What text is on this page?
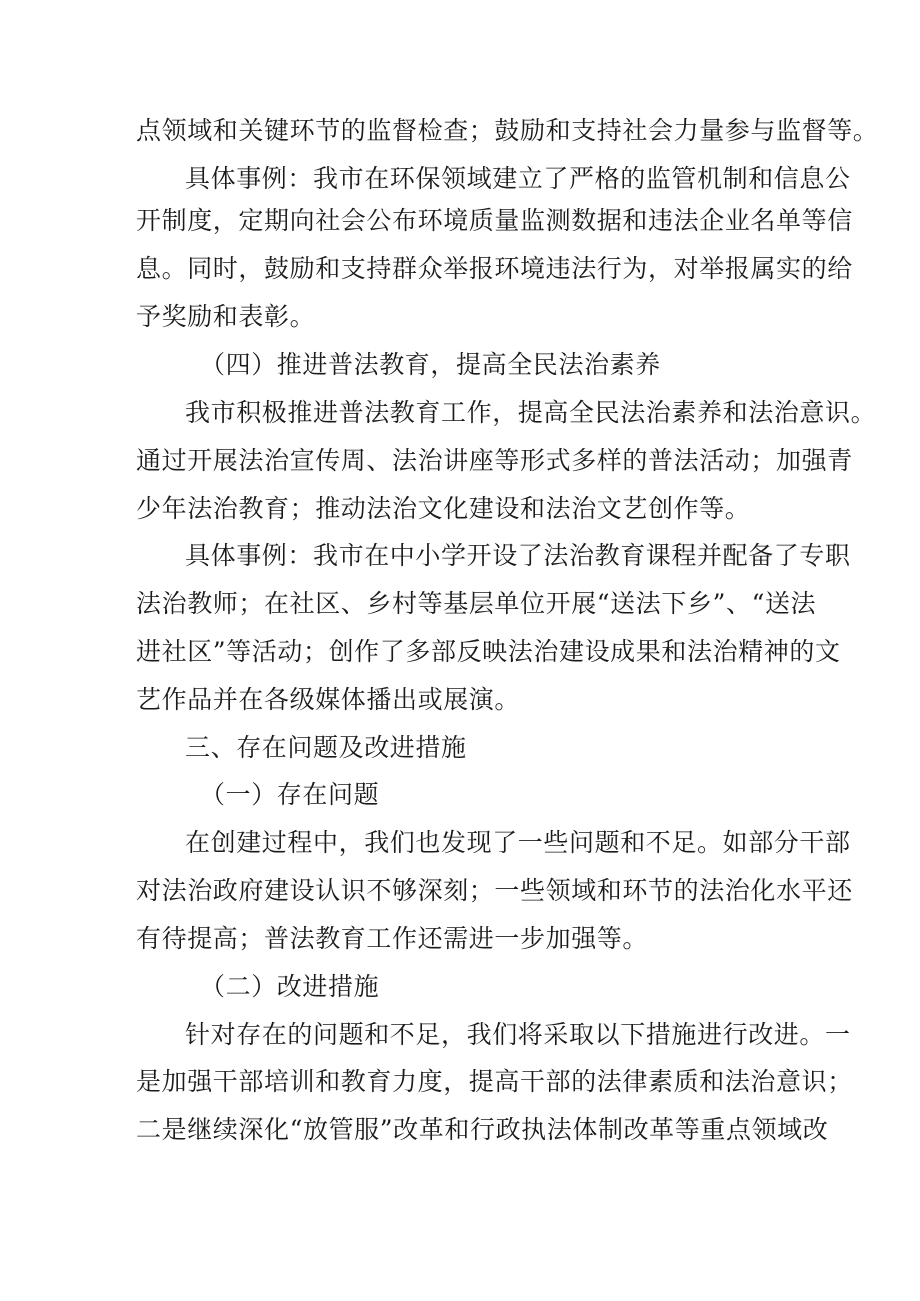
点领域和关键环节的监督检查；鼓励和支持社会力量参与监督等。
具体事例：我市在环保领域建立了严格的监管机制和信息公
开制度，定期向社会公布环境质量监测数据和违法企业名单等信
息。同时，鼓励和支持群众举报环境违法行为，对举报属实的给
予奖励和表彰。
（四）推进普法教育，提高全民法治素养
我市积极推进普法教育工作，提高全民法治素养和法治意识。
通过开展法治宣传周、法治讲座等形式多样的普法活动；加强青
少年法治教育；推动法治文化建设和法治文艺创作等。
具体事例：我市在中小学开设了法治教育课程并配备了专职
法治教师；在社区、乡村等基层单位开展“送法下乡”、“送法
进社区”等活动；创作了多部反映法治建设成果和法治精神的文
艺作品并在各级媒体播出或展演。
三、存在问题及改进措施
（一）存在问题
在创建过程中，我们也发现了一些问题和不足。如部分干部
对法治政府建设认识不够深刻；一些领域和环节的法治化水平还
有待提高；普法教育工作还需进一步加强等。
（二）改进措施
针对存在的问题和不足，我们将采取以下措施进行改进。一
是加强干部培训和教育力度，提高干部的法律素质和法治意识；
二是继续深化“放管服”改革和行政执法体制改革等重点领域改
